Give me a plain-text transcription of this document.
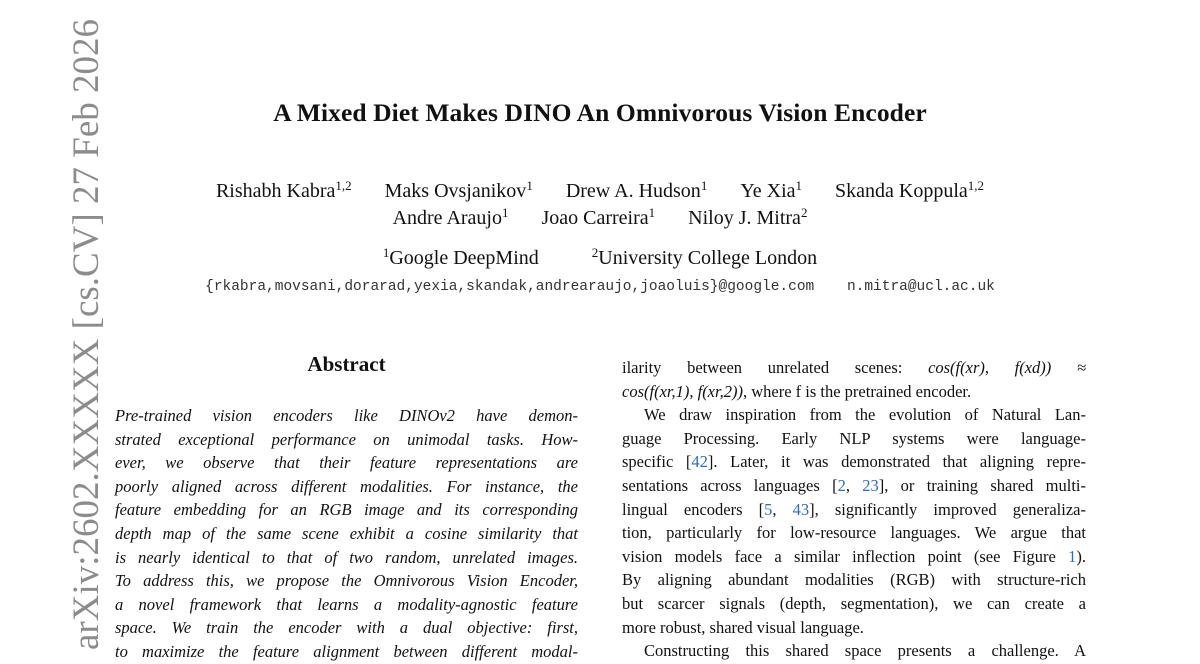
arXiv:2602.XXXXX [cs.CV] 27 Feb 2026	A Mixed Diet Makes DINO An Omnivorous Vision Encoder
Rishabh Kabra$^{1,2}$ Maks Ovsjanikov$^1$ Drew A. Hudson$^1$ Ye Xia$^1$ Skanda Koppula$^{1,2}$
Andre Araujo$^1$ Joao Carreira$^1$ Niloy J. Mitra$^2$
$^1$Google DeepMind	$^2$University College London
{rkabra,movsani,dorarad,yexia,skandak,andrearaujo,joaoluis}@google.com n.mitra@ucl.ac.uk
Abstract
Pre-trained vision encoders like DINOv2 have demon-
strated exceptional performance on unimodal tasks. How-
ever, we observe that their feature representations are
poorly aligned across different modalities. For instance, the
feature embedding for an RGB image and its corresponding
depth map of the same scene exhibit a cosine similarity that
is nearly identical to that of two random, unrelated images.
To address this, we propose the Omnivorous Vision Encoder,
a novel framework that learns a modality-agnostic feature
space. We train the encoder with a dual objective: first,
to maximize the feature alignment between different modal-
ilarity between unrelated scenes: cos(f(xr), f(xd)) ≈
cos(f(xr,1), f(xr,2)), where f is the pretrained encoder.
We draw inspiration from the evolution of Natural Lan-
guage Processing. Early NLP systems were language-
specific [42]. Later, it was demonstrated that aligning repre-
sentations across languages [2, 23], or training shared multi-
lingual encoders [5, 43], significantly improved generaliza-
tion, particularly for low-resource languages. We argue that
vision models face a similar inflection point (see Figure 1).
By aligning abundant modalities (RGB) with structure-rich
but scarcer signals (depth, segmentation), we can create a
more robust, shared visual language.
Constructing this shared space presents a challenge. A
